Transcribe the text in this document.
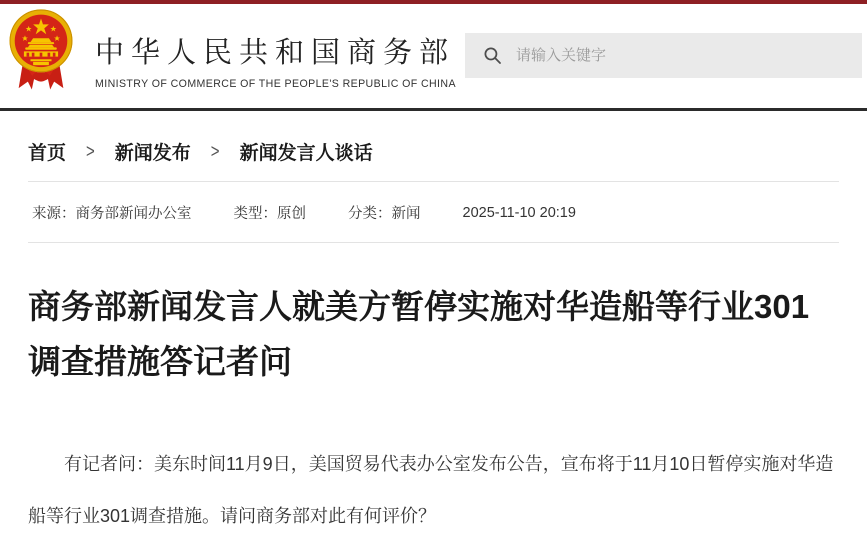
中华人民共和国商务部
MINISTRY OF COMMERCE OF THE PEOPLE'S REPUBLIC OF CHINA
请输入关键字
首页 > 新闻发布 > 新闻发言人谈话
来源：商务部新闻办公室	类型：原创	分类：新闻	2025-11-10 20:19
商务部新闻发言人就美方暂停实施对华造船等行业301调查措施答记者问

有记者问：美东时间11月9日，美国贸易代表办公室发布公告，宣布将于11月10日暂停实施对华造船等行业301调查措施。请问商务部对此有何评价？
